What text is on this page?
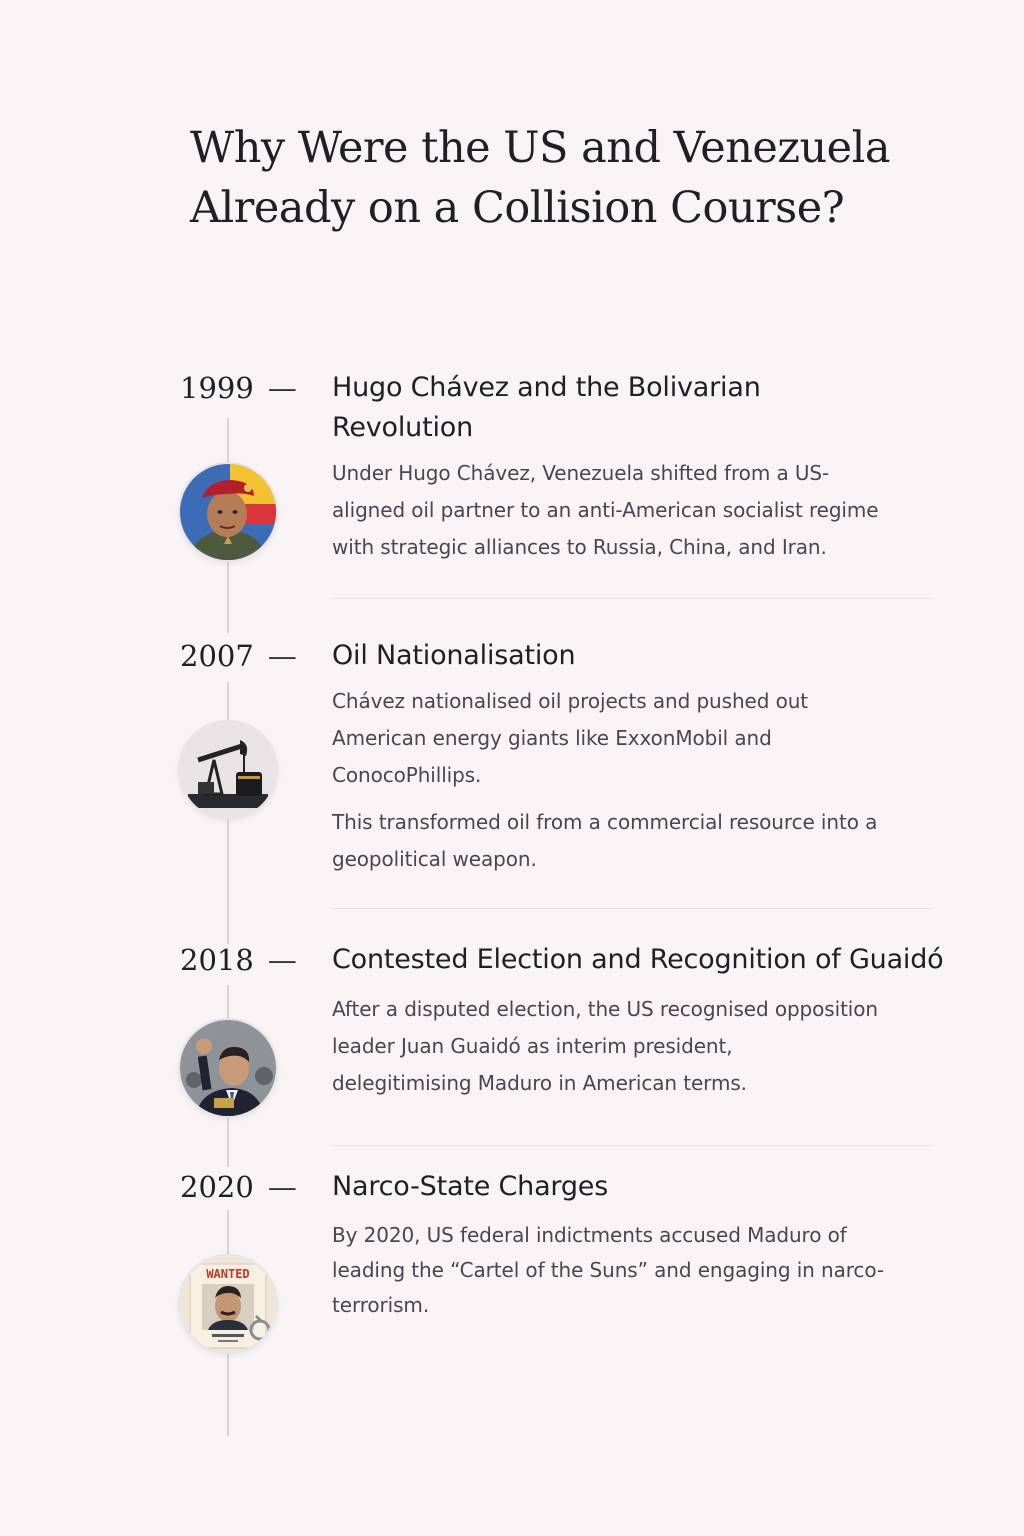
Why Were the US and Venezuela
Already on a Collision Course?
1999 —	Hugo Chávez and the Bolivarian
Revolution

Under Hugo Chávez, Venezuela shifted from a US-
aligned oil partner to an anti-American socialist regime
with strategic alliances to Russia, China, and Iran.

2007 —	Oil Nationalisation

Chávez nationalised oil projects and pushed out
American energy giants like ExxonMobil and
ConocoPhillips.

This transformed oil from a commercial resource into a
geopolitical weapon.

2018 —	Contested Election and Recognition of Guaidó

After a disputed election, the US recognised opposition
leader Juan Guaidó as interim president,
delegitimising Maduro in American terms.

2020 —	Narco-State Charges

By 2020, US federal indictments accused Maduro of
leading the “Cartel of the Suns” and engaging in narco-
terrorism.

WANTED
